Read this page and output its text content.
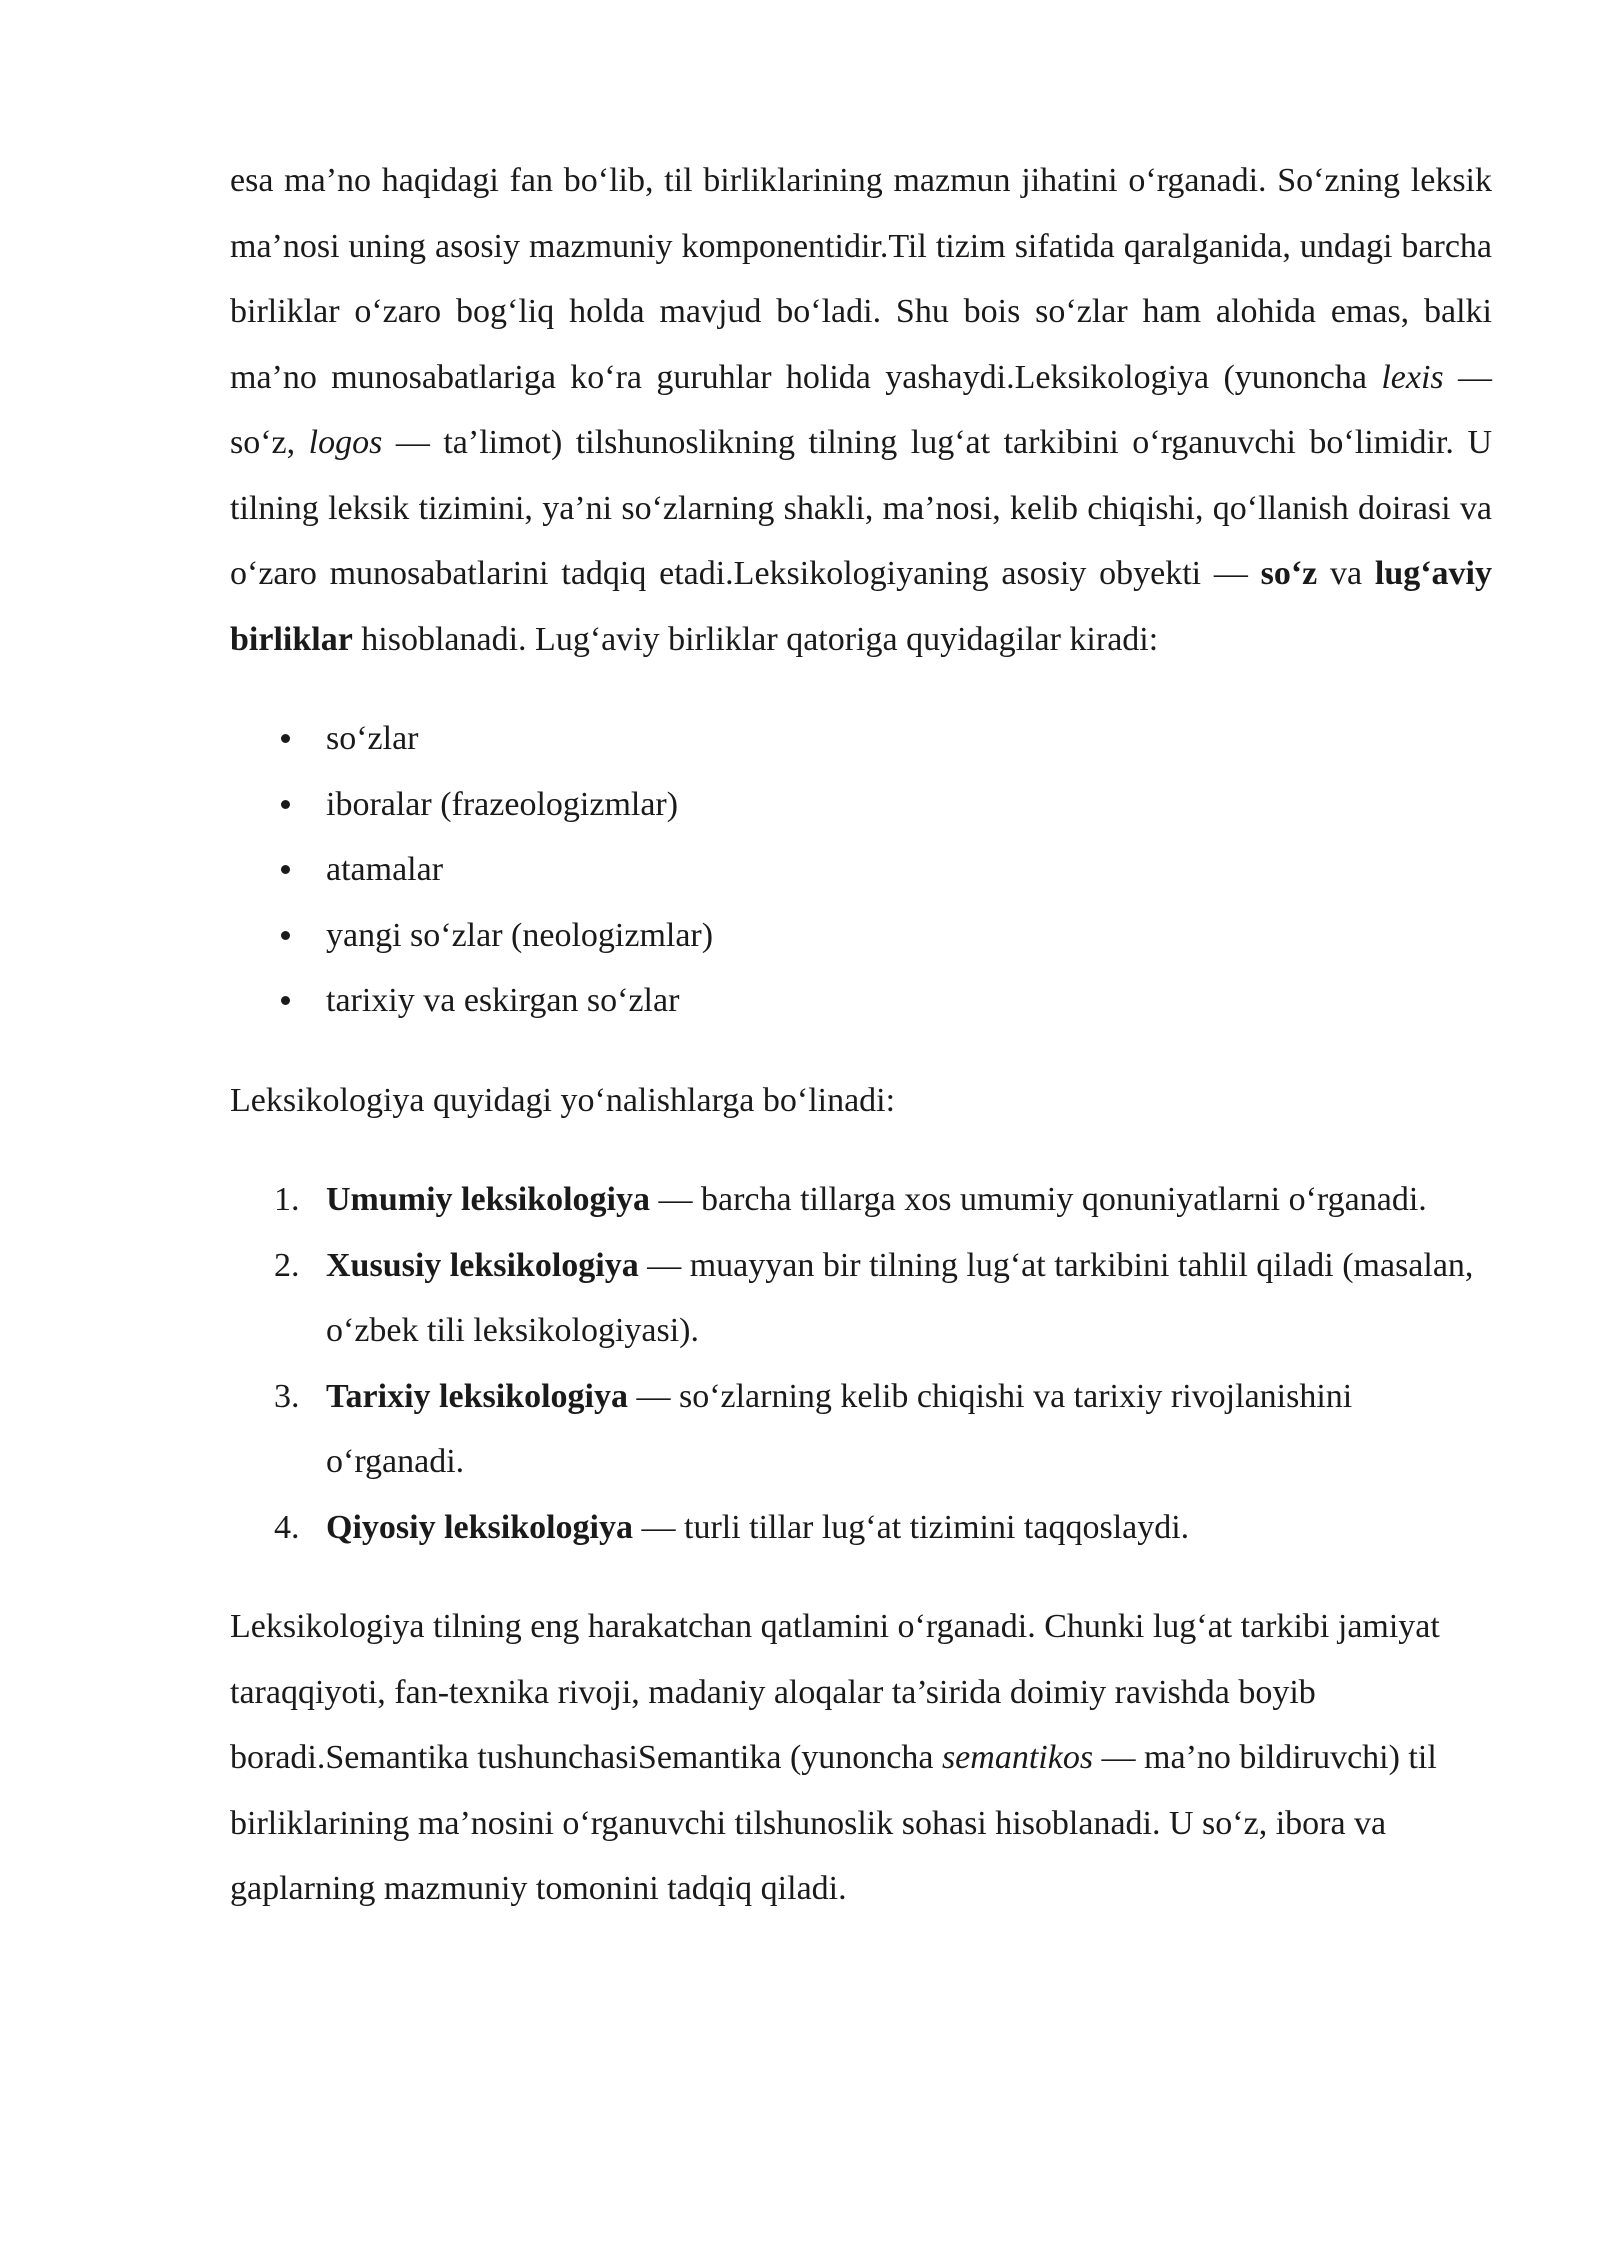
esa ma’no haqidagi fan bo‘lib, til birliklarining mazmun jihatini o‘rganadi. So‘zning leksik ma’nosi uning asosiy mazmuniy komponentidir.Til tizim sifatida qaralganida, undagi barcha birliklar o‘zaro bog‘liq holda mavjud bo‘ladi. Shu bois so‘zlar ham alohida emas, balki ma’no munosabatlariga ko‘ra guruhlar holida yashaydi.Leksikologiya (yunoncha lexis — so‘z, logos — ta’limot) tilshunoslikning tilning lug‘at tarkibini o‘rganuvchi bo‘limidir. U tilning leksik tizimini, ya’ni so‘zlarning shakli, ma’nosi, kelib chiqishi, qo‘llanish doirasi va o‘zaro munosabatlarini tadqiq etadi.Leksikologiyaning asosiy obyekti — so‘z va lug‘aviy birliklar hisoblanadi. Lug‘aviy birliklar qatoriga quyidagilar kiradi:

so‘zlar
iboralar (frazeologizmlar)
atamalar
yangi so‘zlar (neologizmlar)
tarixiy va eskirgan so‘zlar

Leksikologiya quyidagi yo‘nalishlarga bo‘linadi:

1. Umumiy leksikologiya — barcha tillarga xos umumiy qonuniyatlarni o‘rganadi.
2. Xususiy leksikologiya — muayyan bir tilning lug‘at tarkibini tahlil qiladi (masalan, o‘zbek tili leksikologiyasi).
3. Tarixiy leksikologiya — so‘zlarning kelib chiqishi va tarixiy rivojlanishini o‘rganadi.
4. Qiyosiy leksikologiya — turli tillar lug‘at tizimini taqqoslaydi.

Leksikologiya tilning eng harakatchan qatlamini o‘rganadi. Chunki lug‘at tarkibi jamiyat taraqqiyoti, fan-texnika rivoji, madaniy aloqalar ta’sirida doimiy ravishda boyib boradi.Semantika tushunchasiSemantika (yunoncha semantikos — ma’no bildiruvchi) til birliklarining ma’nosini o‘rganuvchi tilshunoslik sohasi hisoblanadi. U so‘z, ibora va gaplarning mazmuniy tomonini tadqiq qiladi.
